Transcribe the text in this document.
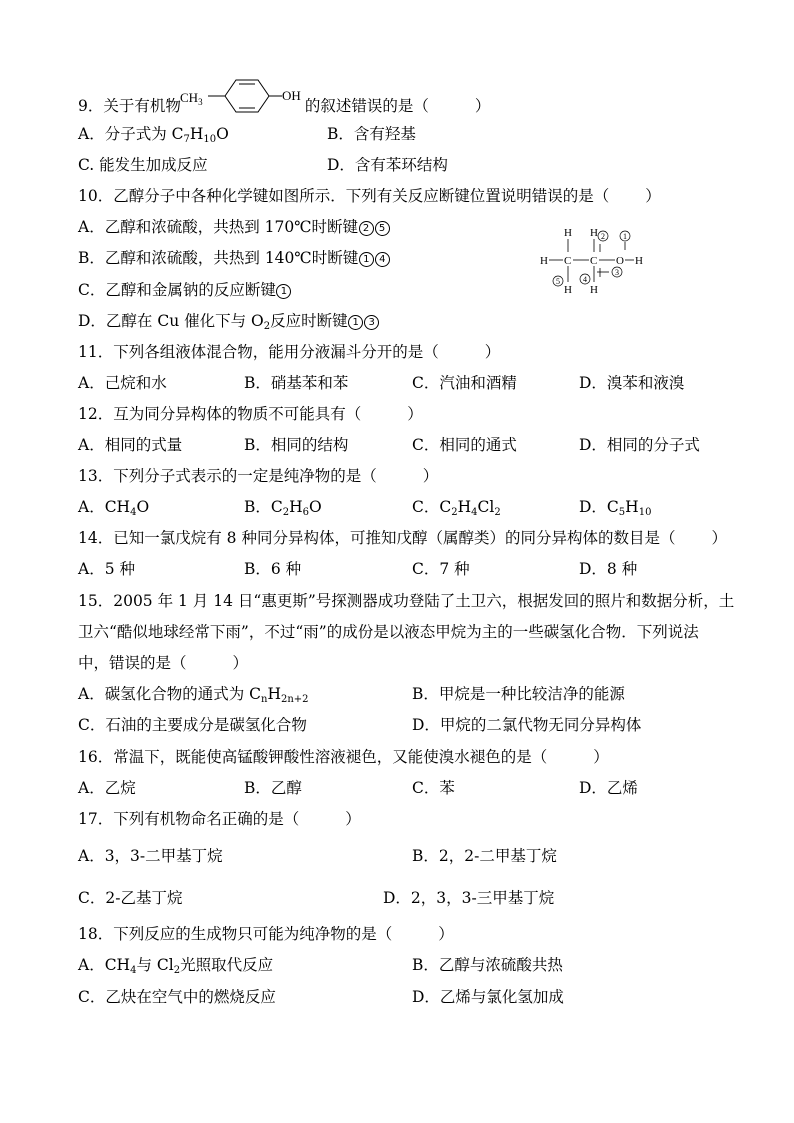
9．关于有机物	的叙述错误的是（	）
$CH_3$	OH
A．分子式为 $C_7H_{10}O$	B．含有羟基
C. 能发生加成反应	D．含有苯环结构
10．乙醇分子中各种化学键如图所示．下列有关反应断键位置说明错误的是（ ）
A．乙醇和浓硫酸，共热到 170℃时断键 2 5
B．乙醇和浓硫酸，共热到 140℃时断键 1 4
C．乙醇和金属钠的反应断键 1
D．乙醇在 Cu 催化下与 $O_2$反应时断键 1 3
H C C O H
H H
H H
2 1
3
4
5
11．下列各组液体混合物，能用分液漏斗分开的是（	）
A．己烷和水	B．硝基苯和苯	C．汽油和酒精	D．溴苯和液溴
12．互为同分异构体的物质不可能具有（	）
A．相同的式量	B．相同的结构	C．相同的通式	D．相同的分子式
13．下列分子式表示的一定是纯净物的是（	）
A．$CH_4O$	B．$C_2H_6O$	C．$C_2H_4Cl_2$	D．$C_5H_{10}$
14．已知一氯戊烷有 8 种同分异构体，可推知戊醇（属醇类）的同分异构体的数目是（ ）
A．5 种	B．6 种	C．7 种	D．8 种
15．2005 年 1 月 14 日“惠更斯”号探测器成功登陆了土卫六，根据发回的照片和数据分析，土
卫六“酷似地球经常下雨”，不过“雨”的成份是以液态甲烷为主的一些碳氢化合物．下列说法
中，错误的是（	）
A．碳氢化合物的通式为 $C_nH_{2n+2}$	B．甲烷是一种比较洁净的能源
C．石油的主要成分是碳氢化合物	D．甲烷的二氯代物无同分异构体
16．常温下，既能使高锰酸钾酸性溶液褪色，又能使溴水褪色的是（	）
A．乙烷	B．乙醇	C．苯	D．乙烯
17．下列有机物命名正确的是（	）
A．3，3-二甲基丁烷	B．2，2-二甲基丁烷
C．2-乙基丁烷	D．2，3，3-三甲基丁烷
18．下列反应的生成物只可能为纯净物的是（	）
A．$CH_4$与 $Cl_2$光照取代反应	B．乙醇与浓硫酸共热
C．乙炔在空气中的燃烧反应	D．乙烯与氯化氢加成
